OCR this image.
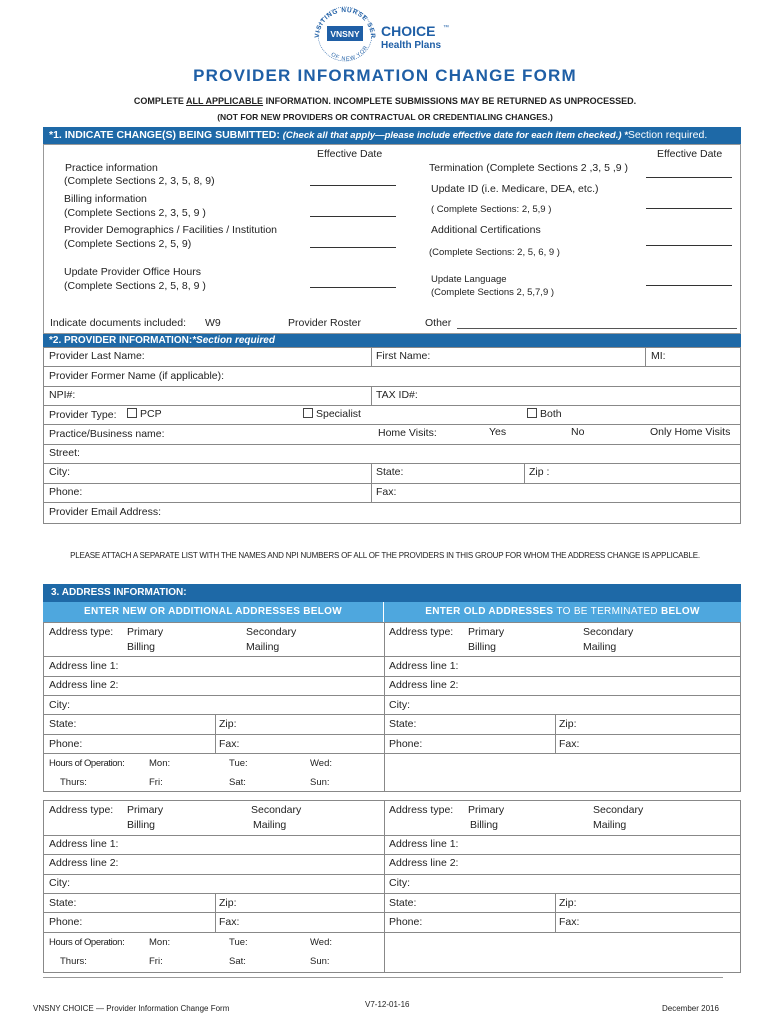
VISITING NURSE SER
OF NEW YOR
VNSNY CHOICE ™
Health Plans
PROVIDER INFORMATION CHANGE FORM
COMPLETE ALL APPLICABLE INFORMATION. INCOMPLETE SUBMISSIONS MAY BE RETURNED AS UNPROCESSED.
(NOT FOR NEW PROVIDERS OR CONTRACTUAL OR CREDENTIALING CHANGES.)
*1. INDICATE CHANGE(S) BEING SUBMITTED: (Check all that apply—please include effective date for each item checked.) *Section required.
Effective Date	Effective Date
Practice information
(Complete Sections 2, 3, 5, 8, 9)
Billing information
(Complete Sections 2, 3, 5, 9 )
Provider Demographics / Facilities / Institution
(Complete Sections 2, 5, 9)
Update Provider Office Hours
(Complete Sections 2, 5, 8, 9 )
Termination (Complete Sections 2 ,3, 5 ,9 )
Update ID (i.e. Medicare, DEA, etc.)
( Complete Sections: 2, 5,9 )
Additional Certifications
(Complete Sections: 2, 5, 6, 9 )
Update Language
(Complete Sections 2, 5,7,9 )
Indicate documents included: W9	Provider Roster	Other
*2. PROVIDER INFORMATION:*Section required
Provider Last Name:	First Name:	MI:
Provider Former Name (if applicable):
NPI#:	TAX ID#:
Provider Type:	PCP	Specialist	Both
Practice/Business name:	Home Visits:	Yes	No	Only Home Visits
Street:
City:	State:	Zip :
Phone:	Fax:
Provider Email Address:
PLEASE ATTACH A SEPARATE LIST WITH THE NAMES AND NPI NUMBERS OF ALL OF THE PROVIDERS IN THIS GROUP FOR WHOM THE ADDRESS CHANGE IS APPLICABLE.
3. ADDRESS INFORMATION:
ENTER NEW OR ADDITIONAL ADDRESSES BELOW	ENTER OLD ADDRESSES TO BE TERMINATED BELOW
Address type: Primary
Billing
Secondary
Mailing
Address line 1:
Address line 2:
City:
State:	Zip:
Phone:	Fax:
Hours of Operation:	Mon:	Tue:	Wed:
Thurs:	Fri:	Sat:	Sun:
Address type: Primary
Billing
Secondary
Mailing
Address line 1:
Address line 2:
City:
State:	Zip:
Phone:	Fax:
Address type: Primary
Billing
Secondary
Mailing
Address line 1:
Address line 2:
City:
State:	Zip:
Phone:	Fax:
Hours of Operation:	Mon:	Tue:	Wed:
Thurs:	Fri:	Sat:	Sun:
Address type: Primary
Billing
Secondary
Mailing
Address line 1:
Address line 2:
City:
State:	Zip:
Phone:	Fax:
VNSNY CHOICE — Provider Information Change Form	V7-12-01-16	December 2016
